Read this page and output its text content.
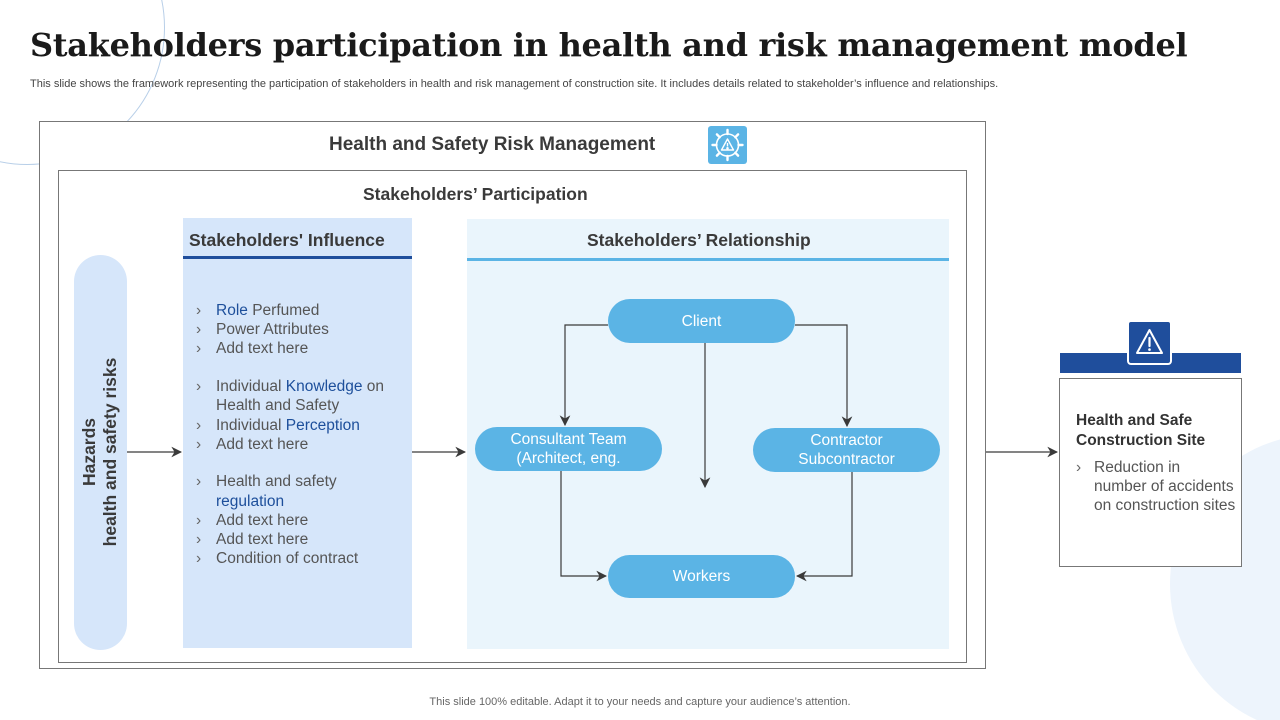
Stakeholders participation in health and risk management model

This slide shows the framework representing the participation of stakeholders in health and risk management of construction site. It includes details related to stakeholder’s influence and relationships.

Health and Safety Risk Management
Stakeholders’ Participation
Hazards health and safety risks
Stakeholders' Influence
› Role Perfumed
› Power Attributes
› Add text here
› Individual Knowledge on Health and Safety
› Individual Perception
› Add text here
› Health and safety regulation
› Add text here
› Add text here
› Condition of contract
Stakeholders’ Relationship
Client
Consultant Team
(Architect, eng.
Contractor
Subcontractor
Workers
Health and Safe
Construction Site
› Reduction in number of accidents on construction sites

This slide 100% editable. Adapt it to your needs and capture your audience’s attention.
